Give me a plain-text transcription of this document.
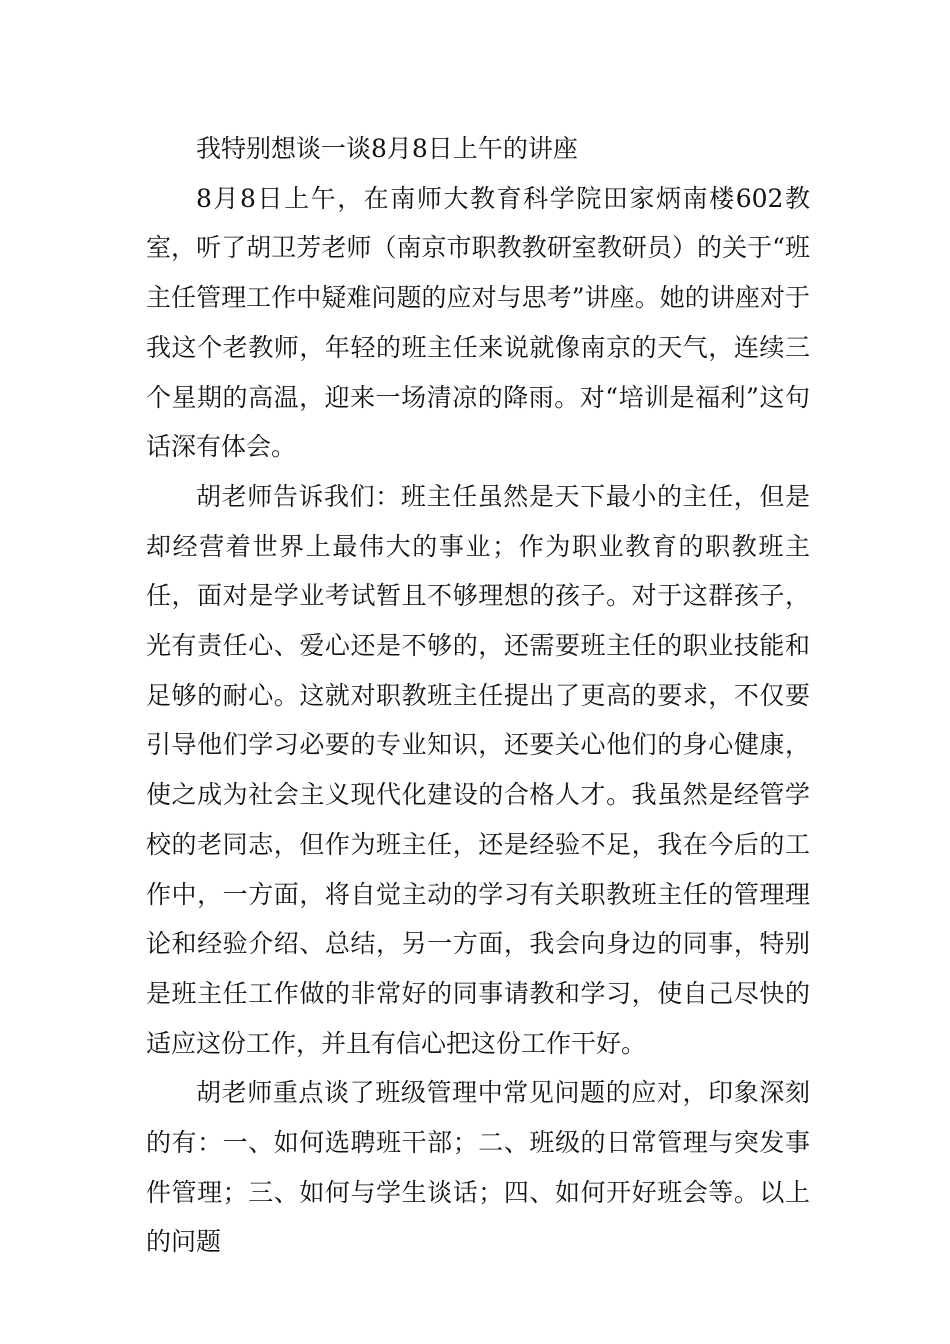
我特别想谈一谈8月8日上午的讲座

8月8日上午，在南师大教育科学院田家炳南楼602教室，听了胡卫芳老师（南京市职教教研室教研员）的关于“班主任管理工作中疑难问题的应对与思考”讲座。她的讲座对于我这个老教师，年轻的班主任来说就像南京的天气，连续三个星期的高温，迎来一场清凉的降雨。对“培训是福利”这句话深有体会。

胡老师告诉我们：班主任虽然是天下最小的主任，但是却经营着世界上最伟大的事业；作为职业教育的职教班主任，面对是学业考试暂且不够理想的孩子。对于这群孩子，光有责任心、爱心还是不够的，还需要班主任的职业技能和足够的耐心。这就对职教班主任提出了更高的要求，不仅要引导他们学习必要的专业知识，还要关心他们的身心健康，使之成为社会主义现代化建设的合格人才。我虽然是经管学校的老同志，但作为班主任，还是经验不足，我在今后的工作中，一方面，将自觉主动的学习有关职教班主任的管理理论和经验介绍、总结，另一方面，我会向身边的同事，特别是班主任工作做的非常好的同事请教和学习，使自己尽快的适应这份工作，并且有信心把这份工作干好。

胡老师重点谈了班级管理中常见问题的应对，印象深刻的有：一、如何选聘班干部；二、班级的日常管理与突发事件管理；三、如何与学生谈话；四、如何开好班会等。以上的问题
